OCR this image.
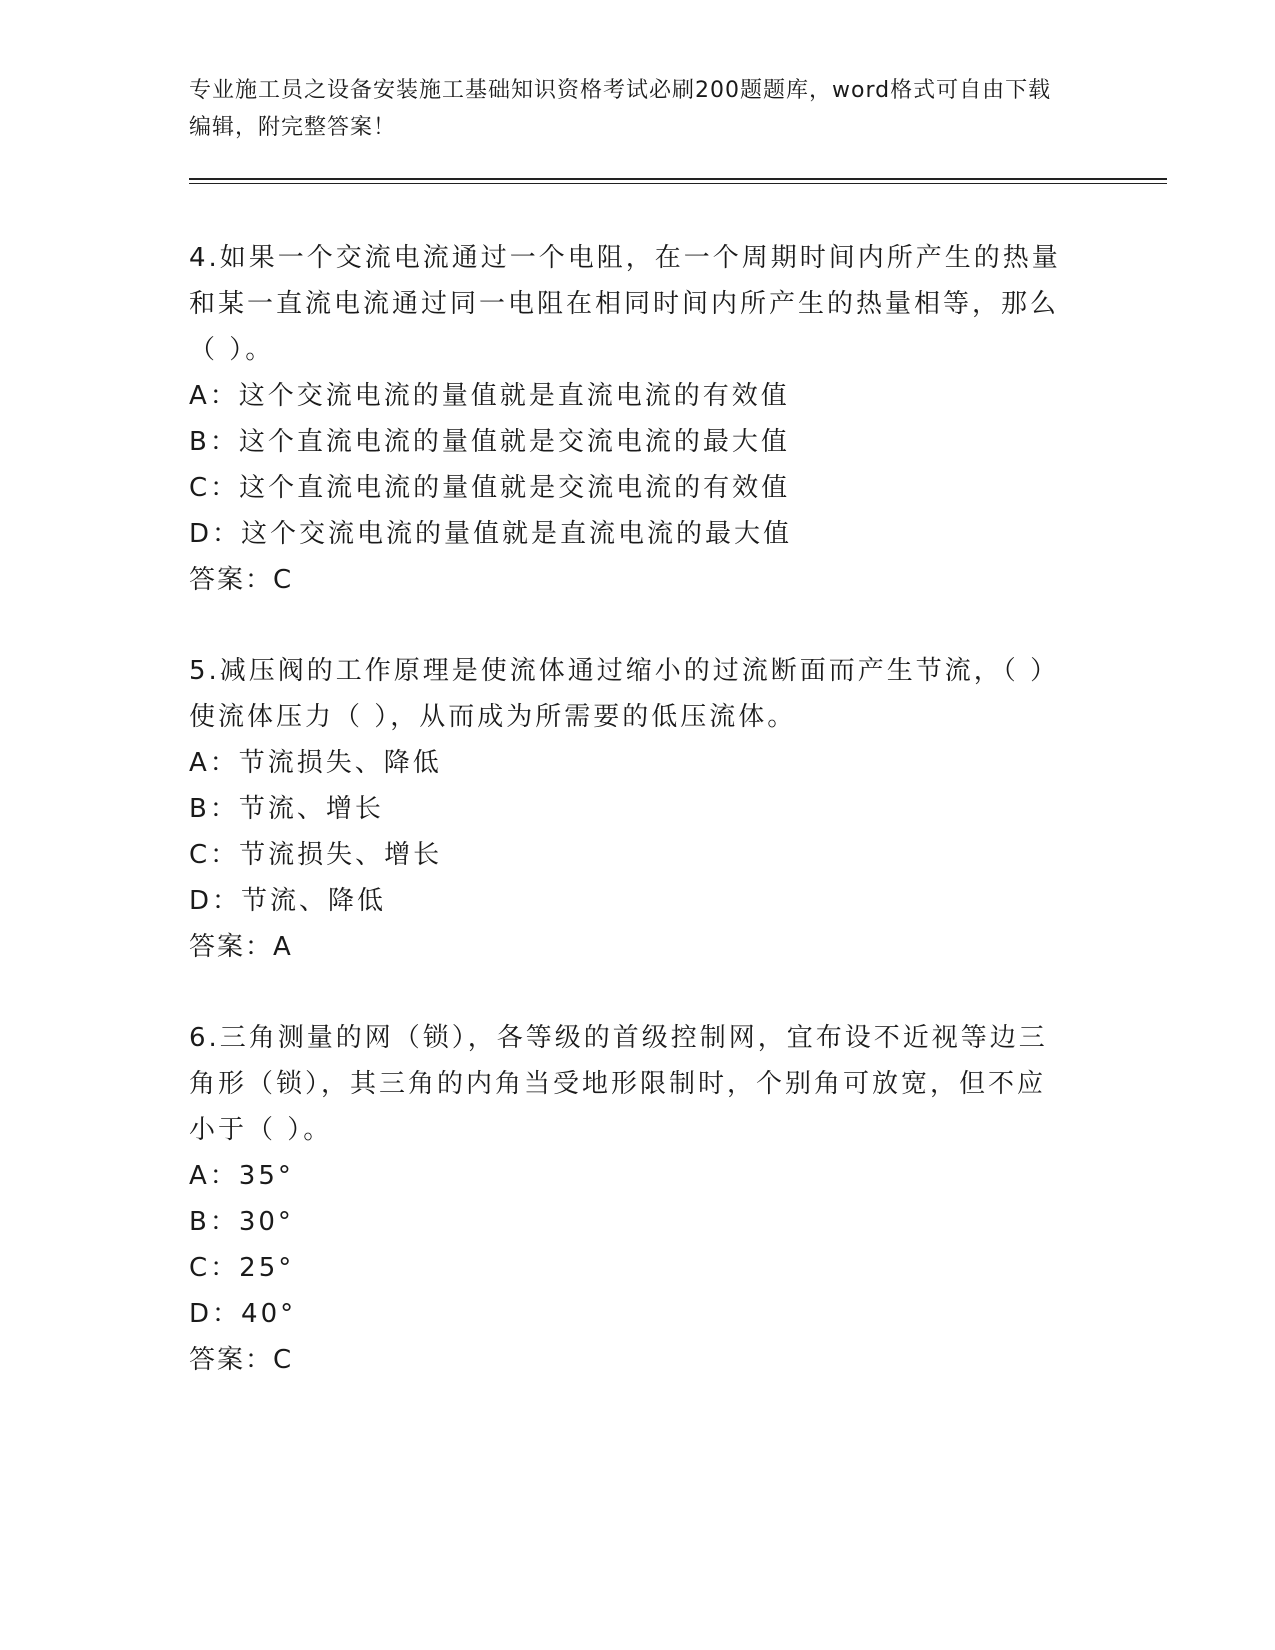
专业施工员之设备安装施工基础知识资格考试必刷200题题库，word格式可自由下载编辑，附完整答案！

4.如果一个交流电流通过一个电阻，在一个周期时间内所产生的热量和某一直流电流通过同一电阻在相同时间内所产生的热量相等，那么（ ）。

A：这个交流电流的量值就是直流电流的有效值

B：这个直流电流的量值就是交流电流的最大值

C：这个直流电流的量值就是交流电流的有效值

D：这个交流电流的量值就是直流电流的最大值

答案：C

5.减压阀的工作原理是使流体通过缩小的过流断面而产生节流，（ ）使流体压力（ ），从而成为所需要的低压流体。

A：节流损失、降低

B：节流、增长

C：节流损失、增长

D：节流、降低

答案：A

6.三角测量的网（锁），各等级的首级控制网，宜布设不近视等边三角形（锁），其三角的内角当受地形限制时，个别角可放宽，但不应小于（ ）。

A：35°

B：30°

C：25°

D：40°

答案：C
